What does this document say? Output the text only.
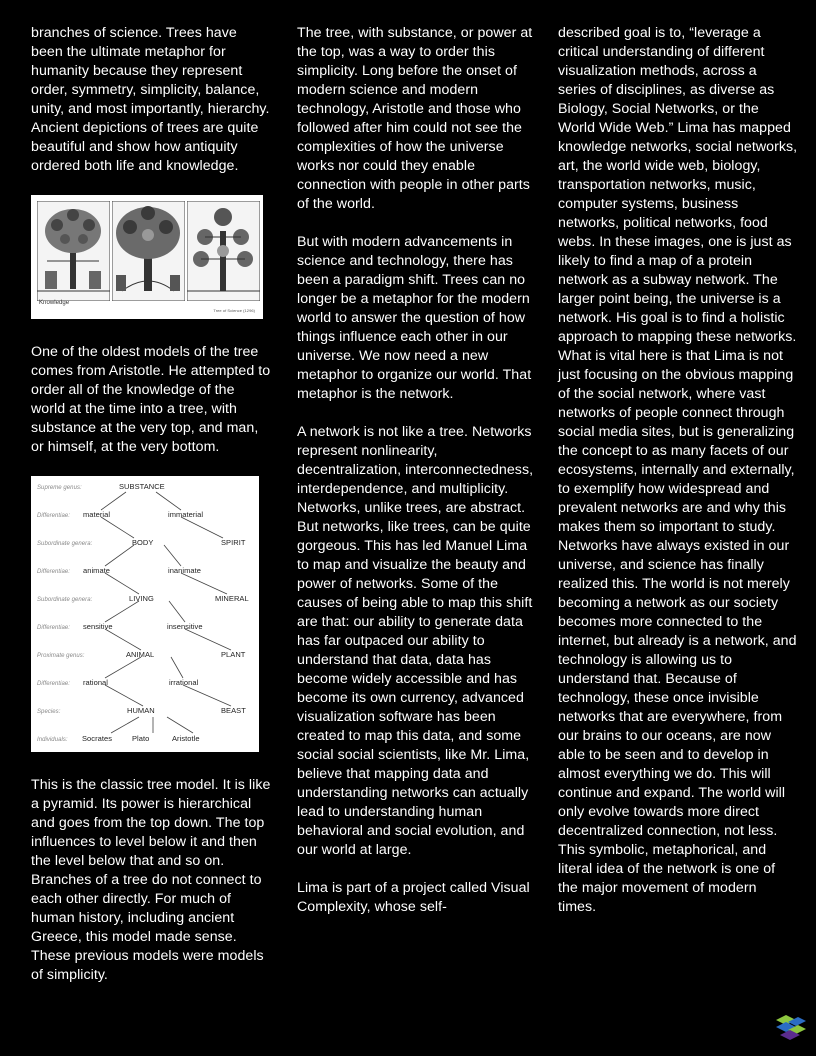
branches of science. Trees have been the ultimate metaphor for humanity because they represent order, symmetry, simplicity, balance, unity, and most importantly, hierarchy. Ancient depictions of trees are quite beautiful and show how antiquity ordered both life and knowledge.

Knowledge
Tree of Science (1296)

One of the oldest models of the tree comes from Aristotle. He attempted to order all of the knowledge of the world at the time into a tree, with substance at the very top, and man, or himself, at the very bottom.

Supreme genus:
Differentiae:
Subordinate genera:
Differentiae:
Subordinate genera:
Differentiae:
Proximate genus:
Differentiae:
Species:
Individuals:
SUBSTANCE
material	immaterial
BODY	SPIRIT
animate	inanimate
LIVING	MINERAL
sensitive	insensitive
ANIMAL	PLANT
rational	irrational
HUMAN	BEAST
Socrates	Plato	Aristotle

This is the classic tree model. It is like a pyramid. Its power is hierarchical and goes from the top down. The top influences to level below it and then the level below that and so on. Branches of a tree do not connect to each other directly. For much of human history, including ancient Greece, this model made sense. These previous models were models of simplicity.

The tree, with substance, or power at the top, was a way to order this simplicity. Long before the onset of modern science and modern technology, Aristotle and those who followed after him could not see the complexities of how the universe works nor could they enable connection with people in other parts of the world.

But with modern advancements in science and technology, there has been a paradigm shift. Trees can no longer be a metaphor for the modern world to answer the question of how things influence each other in our universe. We now need a new metaphor to organize our world. That metaphor is the network.

A network is not like a tree. Networks represent nonlinearity, decentralization, interconnectedness, interdependence, and multiplicity. Networks, unlike trees, are abstract. But networks, like trees, can be quite gorgeous. This has led Manuel Lima to map and visualize the beauty and power of networks. Some of the causes of being able to map this shift are that: our ability to generate data has far outpaced our ability to understand that data, data has become widely accessible and has become its own currency, advanced visualization software has been created to map this data, and some social social scientists, like Mr. Lima, believe that mapping data and understanding networks can actually lead to understanding human behavioral and social evolution, and our world at large.

Lima is part of a project called Visual Complexity, whose self-

described goal is to, “leverage a critical understanding of different visualization methods, across a series of disciplines, as diverse as Biology, Social Networks, or the World Wide Web.” Lima has mapped knowledge networks, social networks, art, the world wide web, biology, transportation networks, music, computer systems, business networks, political networks, food webs. In these images, one is just as likely to find a map of a protein network as a subway network. The larger point being, the universe is a network. His goal is to find a holistic approach to mapping these networks. What is vital here is that Lima is not just focusing on the obvious mapping of the social network, where vast networks of people connect through social media sites, but is generalizing the concept to as many facets of our ecosystems, internally and externally, to exemplify how widespread and prevalent networks are and why this makes them so important to study. Networks have always existed in our universe, and science has finally realized this. The world is not merely becoming a network as our society becomes more connected to the internet, but already is a network, and technology is allowing us to understand that. Because of technology, these once invisible networks that are everywhere, from our brains to our oceans, are now able to be seen and to develop in almost everything we do. This will continue and expand. The world will only evolve towards more direct decentralized connection, not less. This symbolic, metaphorical, and literal idea of the network is one of the major movement of modern times.
